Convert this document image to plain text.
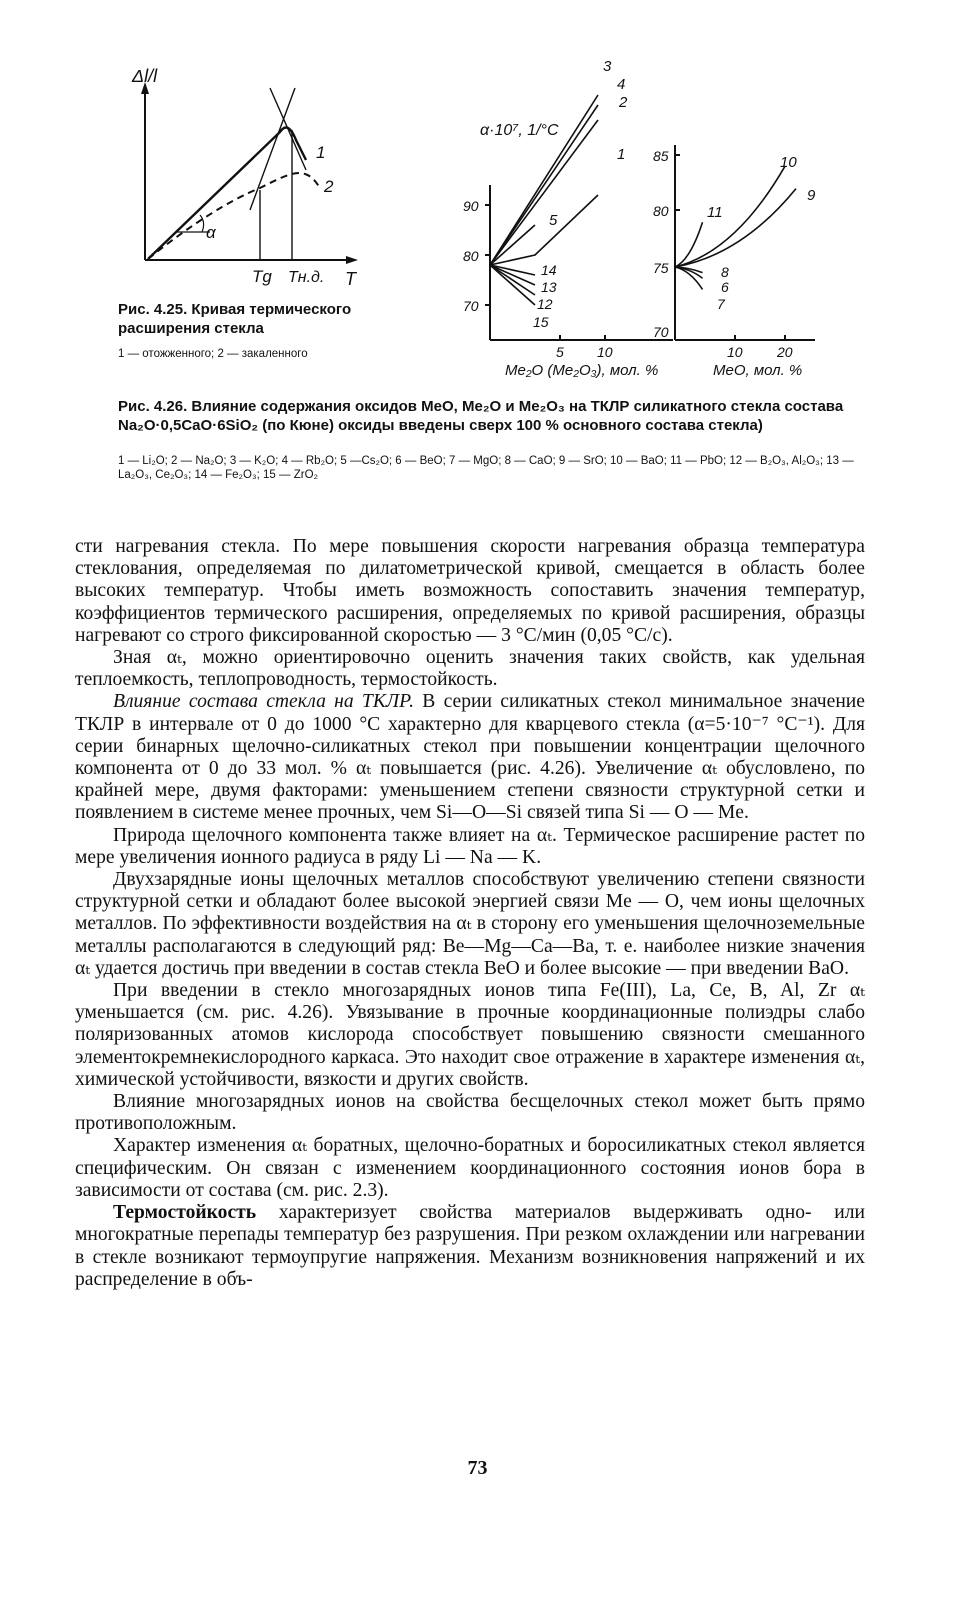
Δl/l
T
Tg Tн.д.
α
1
2

Рис. 4.25. Кривая термического расширения стекла

1 — отожженного; 2 — закаленного

α·10⁷, 1/°C
90
80
70
5 10
Me₂O (Me₂O₃), мол. %
85
80
75
70
10 20
MeO, мол. %
3
4
2
1
5
14
13
12
15
10
9
11
8
6
7

Рис. 4.26. Влияние содержания оксидов MeO, Me₂O и Me₂O₃ на ТКЛР силикатного стекла состава Na₂O·0,5CaO·6SiO₂ (по Кюне) оксиды введены сверх 100 % основного состава стекла)

1 — Li₂O; 2 — Na₂O; 3 — K₂O; 4 — Rb₂O; 5 —Cs₂O; 6 — BeO; 7 — MgO; 8 — CaO; 9 — SrO; 10 — BaO; 11 — PbO; 12 — B₂O₃, Al₂O₃; 13 — La₂O₃, Ce₂O₃; 14 — Fe₂O₃; 15 — ZrO₂

сти нагревания стекла. По мере повышения скорости нагревания образца температура стеклования, определяемая по дилатометрической кривой, смещается в область более высоких температур. Чтобы иметь возможность сопоставить значения температур, коэффициентов термического расширения, определяемых по кривой расширения, образцы нагревают со строго фиксированной скоростью — 3 °С/мин (0,05 °С/с).

Зная αₜ, можно ориентировочно оценить значения таких свойств, как удельная теплоемкость, теплопроводность, термостойкость.

Влияние состава стекла на ТКЛР. В серии силикатных стекол минимальное значение ТКЛР в интервале от 0 до 1000 °С характерно для кварцевого стекла (α=5·10⁻⁷ °С⁻¹). Для серии бинарных щелочно-силикатных стекол при повышении концентрации щелочного компонента от 0 до 33 мол. % αₜ повышается (рис. 4.26). Увеличение αₜ обусловлено, по крайней мере, двумя факторами: уменьшением степени связности структурной сетки и появлением в системе менее прочных, чем Si—O—Si связей типа Si — O — Me.

Природа щелочного компонента также влияет на αₜ. Термическое расширение растет по мере увеличения ионного радиуса в ряду Li — Na — K.

Двухзарядные ионы щелочных металлов способствуют увеличению степени связности структурной сетки и обладают более высокой энергией связи Me — O, чем ионы щелочных металлов. По эффективности воздействия на αₜ в сторону его уменьшения щелочноземельные металлы располагаются в следующий ряд: Be—Mg—Ca—Ba, т. е. наиболее низкие значения αₜ удается достичь при введении в состав стекла BeO и более высокие — при введении BaO.

При введении в стекло многозарядных ионов типа Fe(III), La, Ce, B, Al, Zr αₜ уменьшается (см. рис. 4.26). Увязывание в прочные координационные полиэдры слабо поляризованных атомов кислорода способствует повышению связности смешанного элементокремнекислородного каркаса. Это находит свое отражение в характере изменения αₜ, химической устойчивости, вязкости и других свойств.

Влияние многозарядных ионов на свойства бесщелочных стекол может быть прямо противоположным.

Характер изменения αₜ боратных, щелочно-боратных и боросиликатных стекол является специфическим. Он связан с изменением координационного состояния ионов бора в зависимости от состава (см. рис. 2.3).

Термостойкость характеризует свойства материалов выдерживать одно- или многократные перепады температур без разрушения. При резком охлаждении или нагревании в стекле возникают термоупругие напряжения. Механизм возникновения напряжений и их распределение в объ-

73
